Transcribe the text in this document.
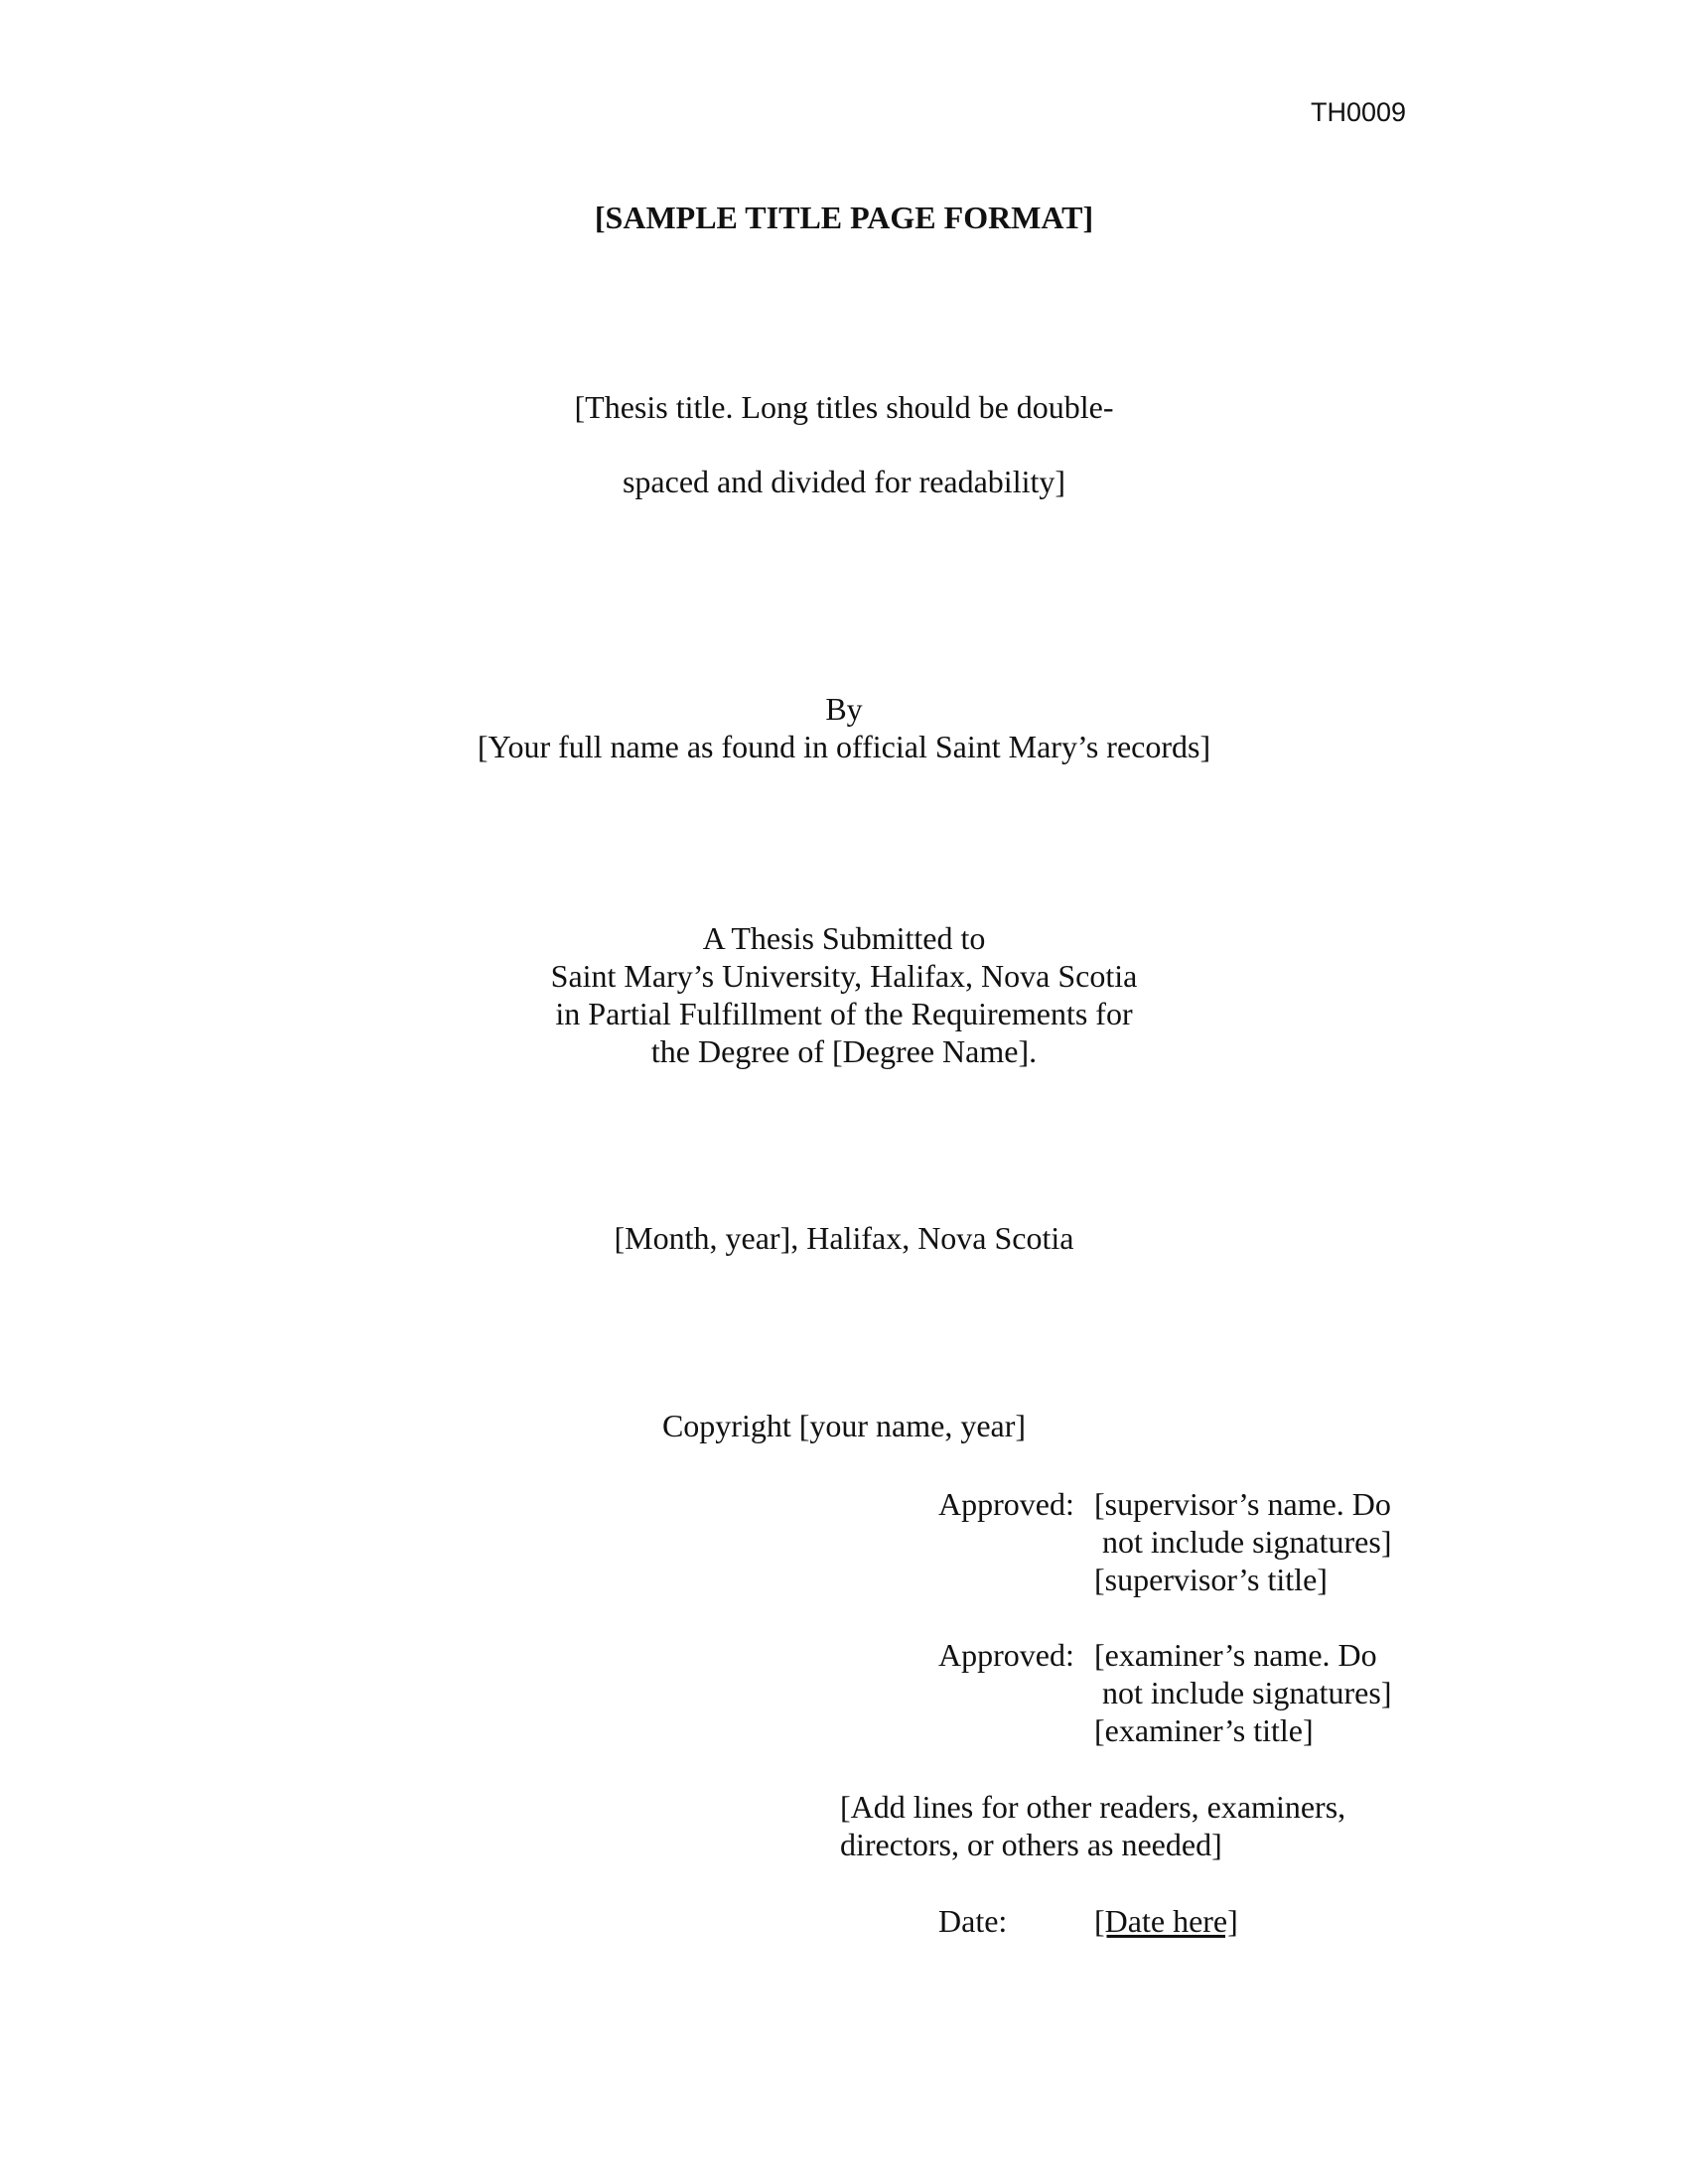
TH0009
[SAMPLE TITLE PAGE FORMAT]
[Thesis title. Long titles should be double-
spaced and divided for readability]
By
[Your full name as found in official Saint Mary’s records]
A Thesis Submitted to
Saint Mary’s University, Halifax, Nova Scotia
in Partial Fulfillment of the Requirements for
the Degree of [Degree Name].
[Month, year], Halifax, Nova Scotia
Copyright [your name, year]
Approved: [supervisor’s name. Do
not include signatures]
[supervisor’s title]
Approved: [examiner’s name. Do
not include signatures]
[examiner’s title]
[Add lines for other readers, examiners,
directors, or others as needed]
Date:	[Date here]
